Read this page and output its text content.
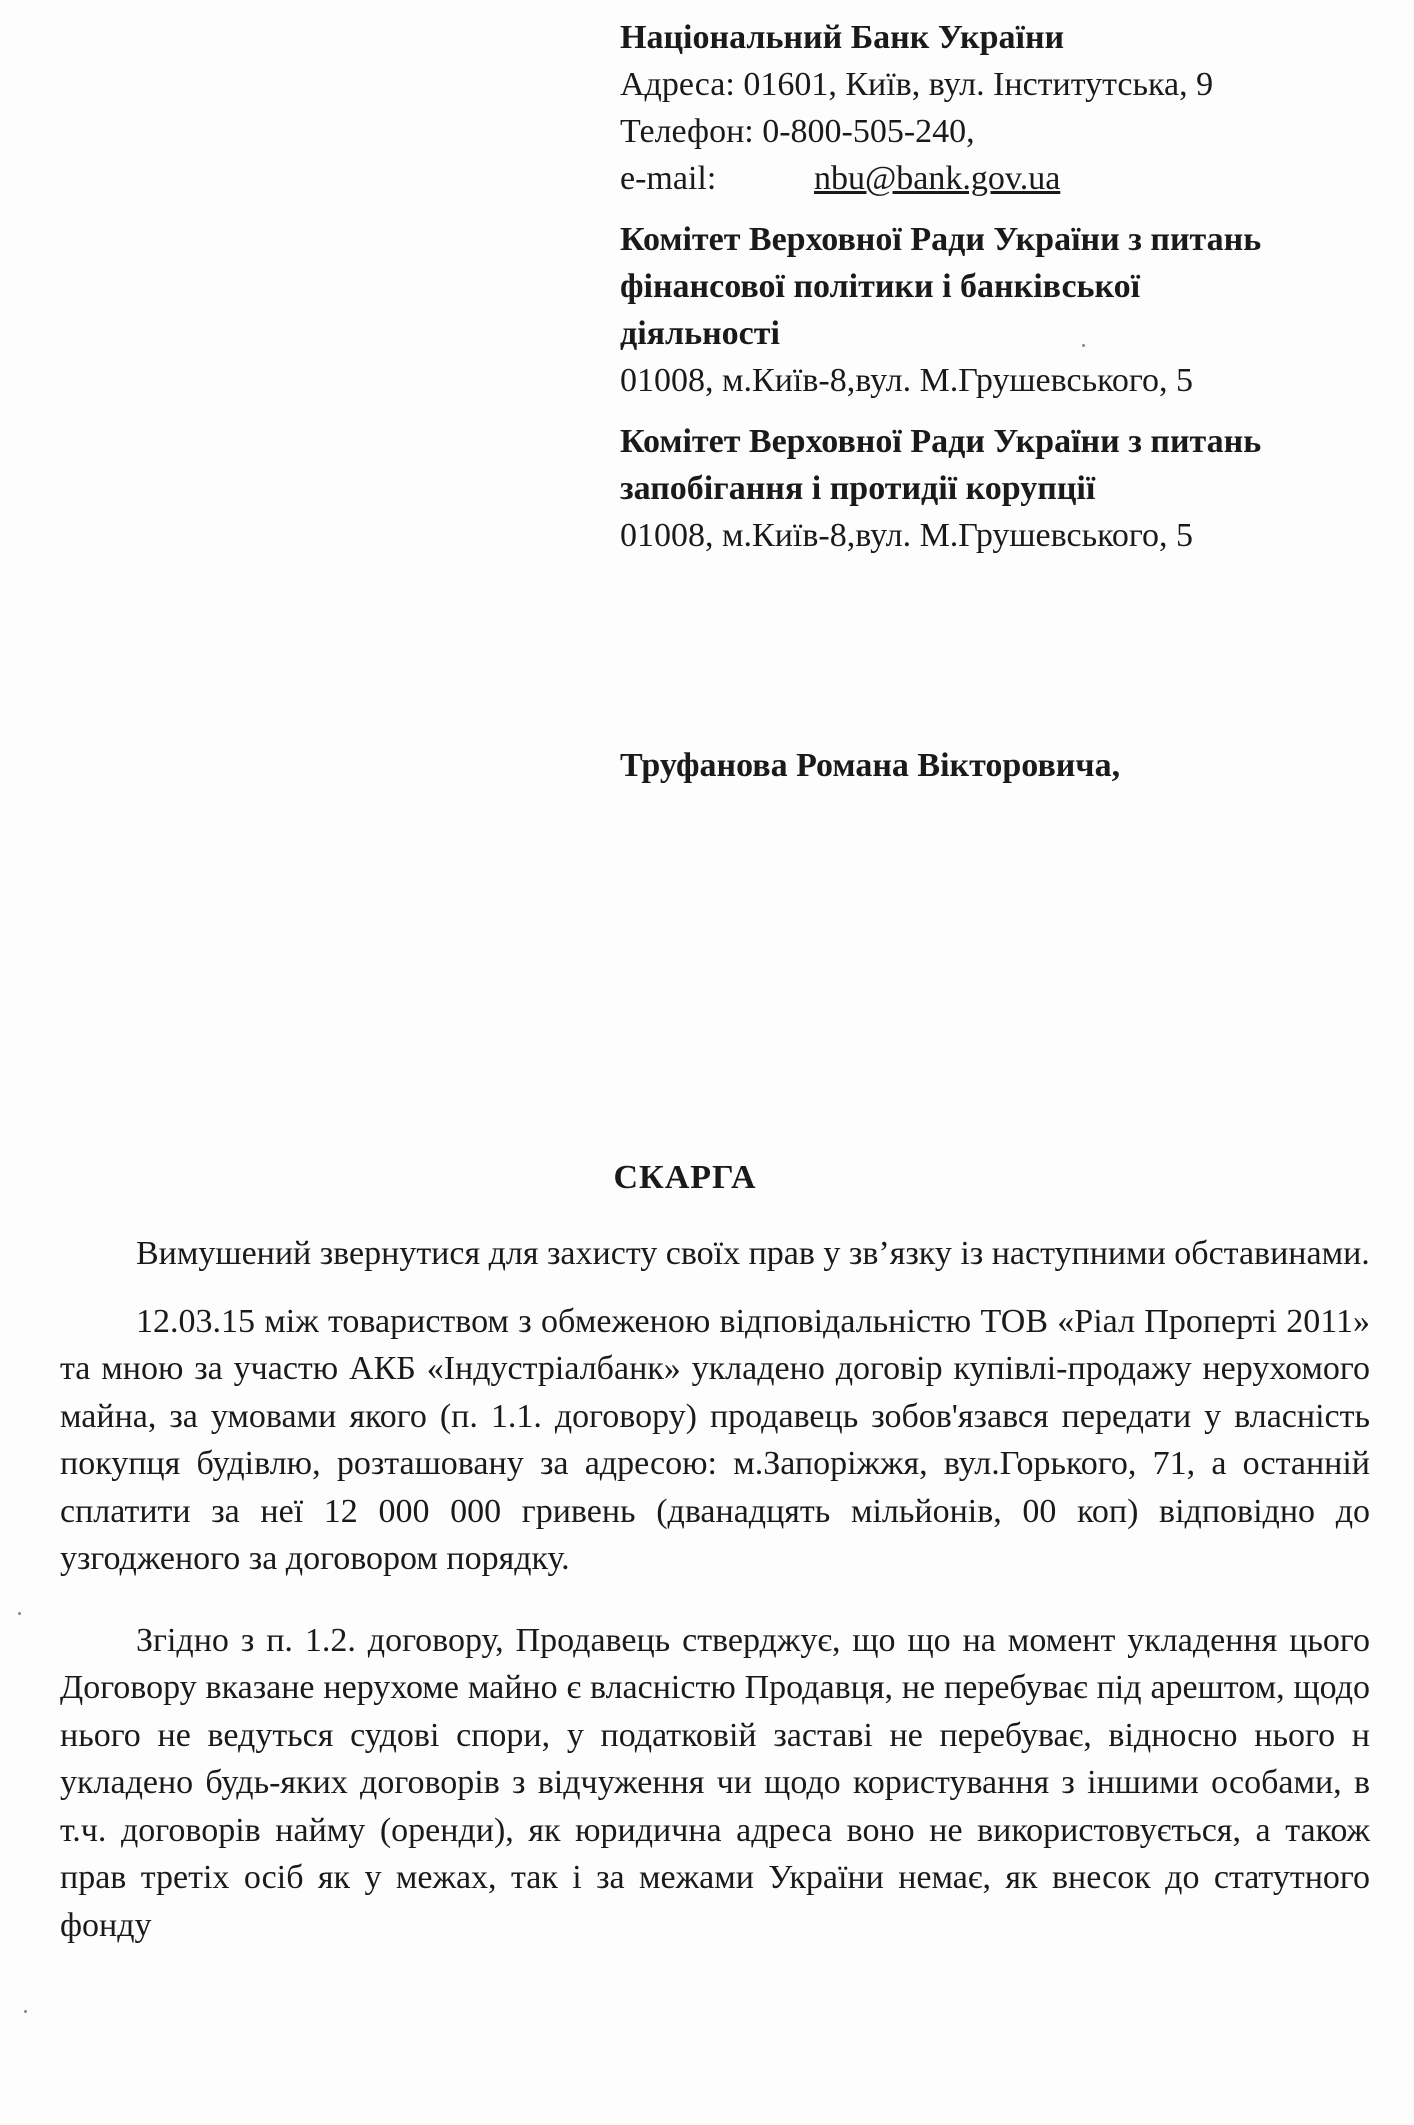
Національний Банк України
Адреса: 01601, Київ, вул. Інститутська, 9
Телефон: 0-800-505-240,
e-mail:	nbu@bank.gov.ua
Комітет Верховної Ради України з питань
фінансової політики і банківської
діяльності
01008, м.Київ-8,вул. М.Грушевського, 5
Комітет Верховної Ради України з питань
запобігання і протидії корупції
01008, м.Київ-8,вул. М.Грушевського, 5
Труфанова Романа Вікторовича,
СКАРГА

Вимушений звернутися для захисту своїх прав у зв’язку із наступними обставинами.

12.03.15 між товариством з обмеженою відповідальністю ТОВ «Ріал Проперті 2011» та мною за участю АКБ «Індустріалбанк» укладено договір купівлі-продажу нерухомого майна, за умовами якого (п. 1.1. договору) продавець зобов'язався передати у власність покупця будівлю, розташовану за адресою: м.Запоріжжя, вул.Горького, 71, а останній сплатити за неї 12 000 000 гривень (дванадцять мільйонів, 00 коп) відповідно до узгодженого за договором порядку.

Згідно з п. 1.2. договору, Продавець стверджує, що що на момент укладення цього Договору вказане нерухоме майно є власністю Продавця, не перебуває під арештом, щодо нього не ведуться судові спори, у податковій заставі не перебуває, відносно нього н укладено будь-яких договорів з відчуження чи щодо користування з іншими особами, в т.ч. договорів найму (оренди), як юридична адреса воно не використовується, а також прав третіх осіб як у межах, так і за межами України немає, як внесок до статутного фонду
